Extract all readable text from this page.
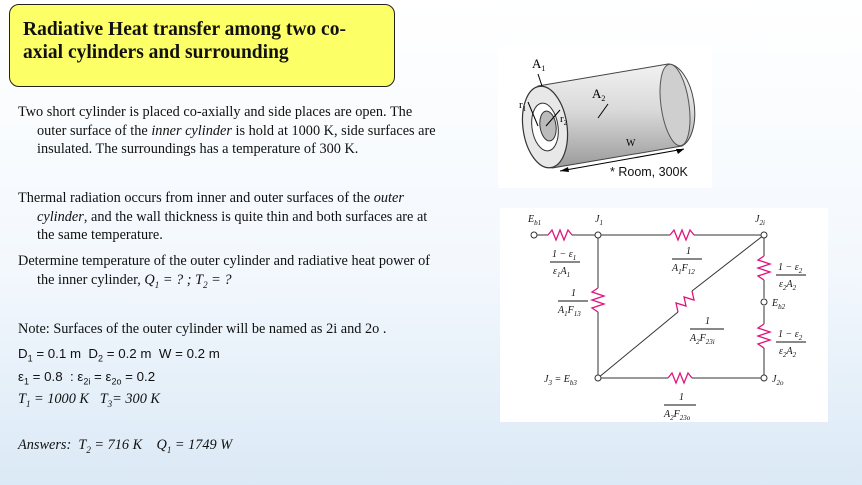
Radiative Heat transfer among two co-
axial cylinders and surrounding
Two short cylinder is placed co-axially and side places are open. The outer surface of the inner cylinder is hold at 1000 K, side surfaces are insulated. The surroundings has a temperature of 300 K.
Thermal radiation occurs from inner and outer surfaces of the outer cylinder, and the wall thickness is quite thin and both surfaces are at the same temperature.
Determine temperature of the outer cylinder and radiative heat power of the inner cylinder, $Q_1$ = ? ; $T_2$ = ?
Note: Surfaces of the outer cylinder will be named as 2i and 2o .
$D_1 = 0.1$ m  $D_2 = 0.2$ m  W = 0.2 m
$\varepsilon_1 = 0.8$  : $\varepsilon_{2i} = \varepsilon_{2o} = 0.2$
$T_1 = 1000$ K   $T_3= 300$ K
Answers:  $T_2 = 716$ K    $Q_1 = 1749$ W
$A_1$
$A_2$
$r_1$
$r_2$
W
* Room, 300K
$E_{b1}$	$J_1$	$J_{2i}$
$J_{2o}$
$J_3 = E_{b3}$
$E_{b2}$
$1 - \varepsilon_1$
$\varepsilon_1A_1$
1
$A_1F_{12}$
1
$A_1F_{13}$
1
$A_2F_{23i}$
$1 - \varepsilon_2$
$\varepsilon_2A_2$
$1 - \varepsilon_2$
$\varepsilon_2A_2$
1
$A_2F_{23o}$
